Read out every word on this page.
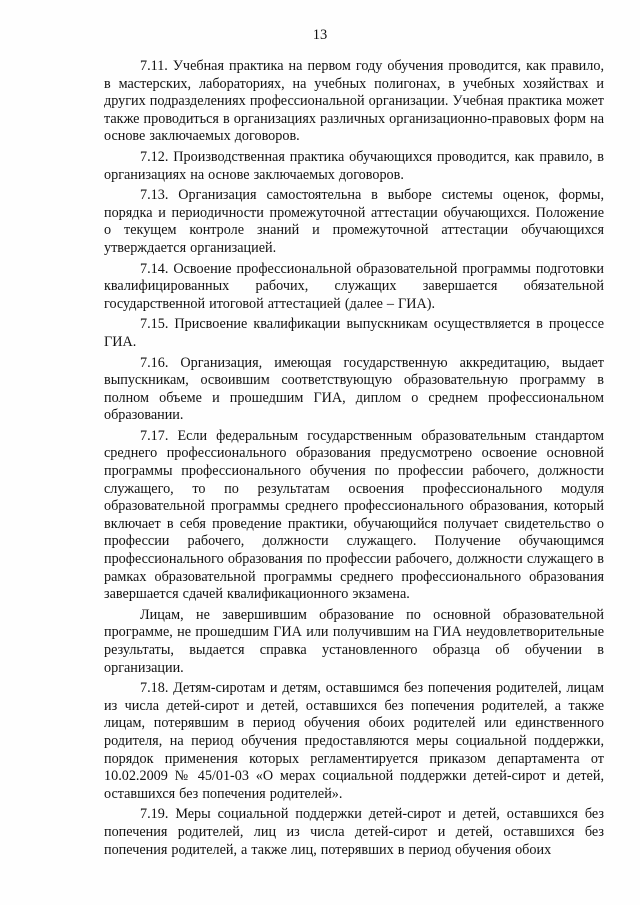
13

7.11. Учебная практика на первом году обучения проводится, как правило, в мастерских, лабораториях, на учебных полигонах, в учебных хозяйствах и других подразделениях профессиональной организации. Учебная практика может также проводиться в организациях различных организационно-правовых форм на основе заключаемых договоров.

7.12. Производственная практика обучающихся проводится, как правило, в организациях на основе заключаемых договоров.

7.13. Организация самостоятельна в выборе системы оценок, формы, порядка и периодичности промежуточной аттестации обучающихся. Положение о текущем контроле знаний и промежуточной аттестации обучающихся утверждается организацией.

7.14. Освоение профессиональной образовательной программы подготовки квалифицированных рабочих, служащих завершается обязательной государственной итоговой аттестацией (далее – ГИА).

7.15. Присвоение квалификации выпускникам осуществляется в процессе ГИА.

7.16. Организация, имеющая государственную аккредитацию, выдает выпускникам, освоившим соответствующую образовательную программу в полном объеме и прошедшим ГИА, диплом о среднем профессиональном образовании.

7.17. Если федеральным государственным образовательным стандартом среднего профессионального образования предусмотрено освоение основной программы профессионального обучения по профессии рабочего, должности служащего, то по результатам освоения профессионального модуля образовательной программы среднего профессионального образования, который включает в себя проведение практики, обучающийся получает свидетельство о профессии рабочего, должности служащего. Получение обучающимся профессионального образования по профессии рабочего, должности служащего в рамках образовательной программы среднего профессионального образования завершается сдачей квалификационного экзамена.

Лицам, не завершившим образование по основной образовательной программе, не прошедшим ГИА или получившим на ГИА неудовлетворительные результаты, выдается справка установленного образца об обучении в организации.

7.18. Детям-сиротам и детям, оставшимся без попечения родителей, лицам из числа детей-сирот и детей, оставшихся без попечения родителей, а также лицам, потерявшим в период обучения обоих родителей или единственного родителя, на период обучения предоставляются меры социальной поддержки, порядок применения которых регламентируется приказом департамента от 10.02.2009 № 45/01-03 «О мерах социальной поддержки детей-сирот и детей, оставшихся без попечения родителей».

7.19. Меры социальной поддержки детей-сирот и детей, оставшихся без попечения родителей, лиц из числа детей-сирот и детей, оставшихся без попечения родителей, а также лиц, потерявших в период обучения обоих
